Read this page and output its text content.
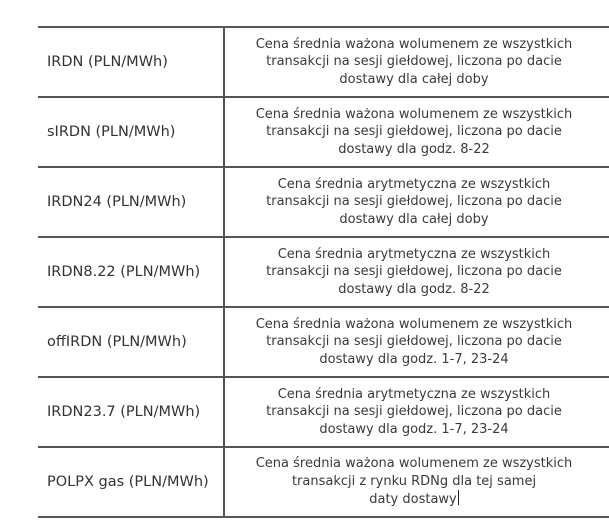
IRDN (PLN/MWh)	Cena średnia ważona wolumenem ze wszystkich
transakcji na sesji giełdowej, liczona po dacie
dostawy dla całej doby

sIRDN (PLN/MWh)	Cena średnia ważona wolumenem ze wszystkich
transakcji na sesji giełdowej, liczona po dacie
dostawy dla godz. 8-22

IRDN24 (PLN/MWh)	Cena średnia arytmetyczna ze wszystkich
transakcji na sesji giełdowej, liczona po dacie
dostawy dla całej doby

IRDN8.22 (PLN/MWh)	Cena średnia arytmetyczna ze wszystkich
transakcji na sesji giełdowej, liczona po dacie
dostawy dla godz. 8-22

offIRDN (PLN/MWh)	Cena średnia ważona wolumenem ze wszystkich
transakcji na sesji giełdowej, liczona po dacie
dostawy dla godz. 1-7, 23-24

IRDN23.7 (PLN/MWh)	Cena średnia arytmetyczna ze wszystkich
transakcji na sesji giełdowej, liczona po dacie
dostawy dla godz. 1-7, 23-24

POLPX gas (PLN/MWh)	Cena średnia ważona wolumenem ze wszystkich
transakcji z rynku RDNg dla tej samej
daty dostawy
